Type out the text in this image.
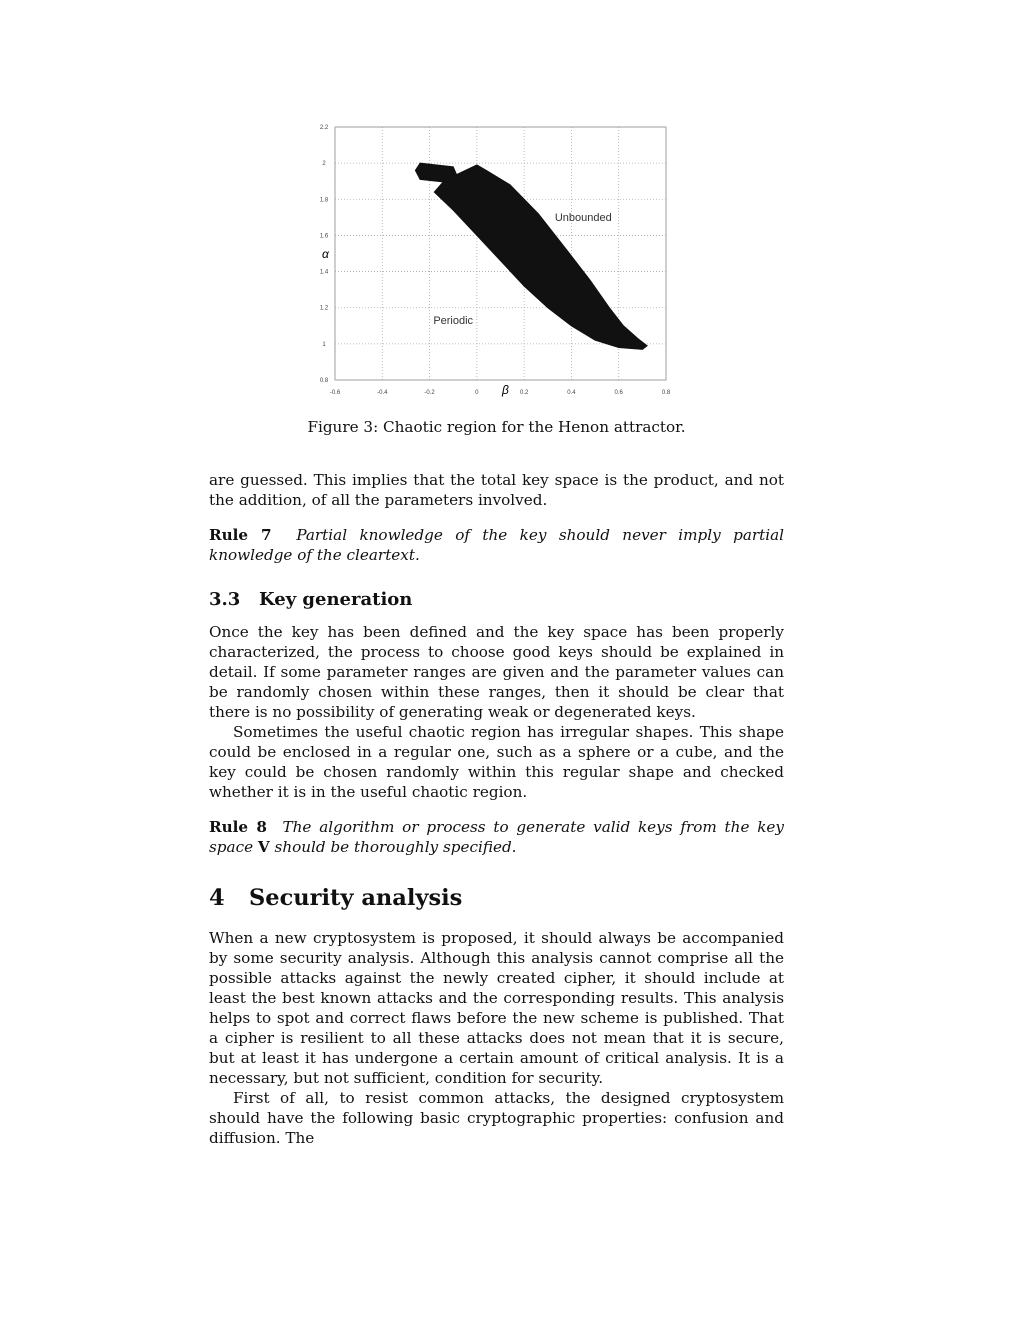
-0.6	-0.4	-0.2	0	0.2	0.4	0.6	0.8
0.8
1
1.2
1.4
1.6
1.8
2
2.2
β
α
Unbounded
Periodic
Figure 3: Chaotic region for the Henon attractor.

are guessed. This implies that the total key space is the product, and not the addition, of all the parameters involved.

Rule 7 Partial knowledge of the key should never imply partial knowledge of the cleartext.

3.3 Key generation

Once the key has been defined and the key space has been properly characterized, the process to choose good keys should be explained in detail. If some parameter ranges are given and the parameter values can be randomly chosen within these ranges, then it should be clear that there is no possibility of generating weak or degenerated keys.

Sometimes the useful chaotic region has irregular shapes. This shape could be enclosed in a regular one, such as a sphere or a cube, and the key could be chosen randomly within this regular shape and checked whether it is in the useful chaotic region.

Rule 8 The algorithm or process to generate valid keys from the key space V should be thoroughly specified.

4 Security analysis

When a new cryptosystem is proposed, it should always be accompanied by some security analysis. Although this analysis cannot comprise all the possible attacks against the newly created cipher, it should include at least the best known attacks and the corresponding results. This analysis helps to spot and correct flaws before the new scheme is published. That a cipher is resilient to all these attacks does not mean that it is secure, but at least it has undergone a certain amount of critical analysis. It is a necessary, but not sufficient, condition for security.

First of all, to resist common attacks, the designed cryptosystem should have the following basic cryptographic properties: confusion and diffusion. The
